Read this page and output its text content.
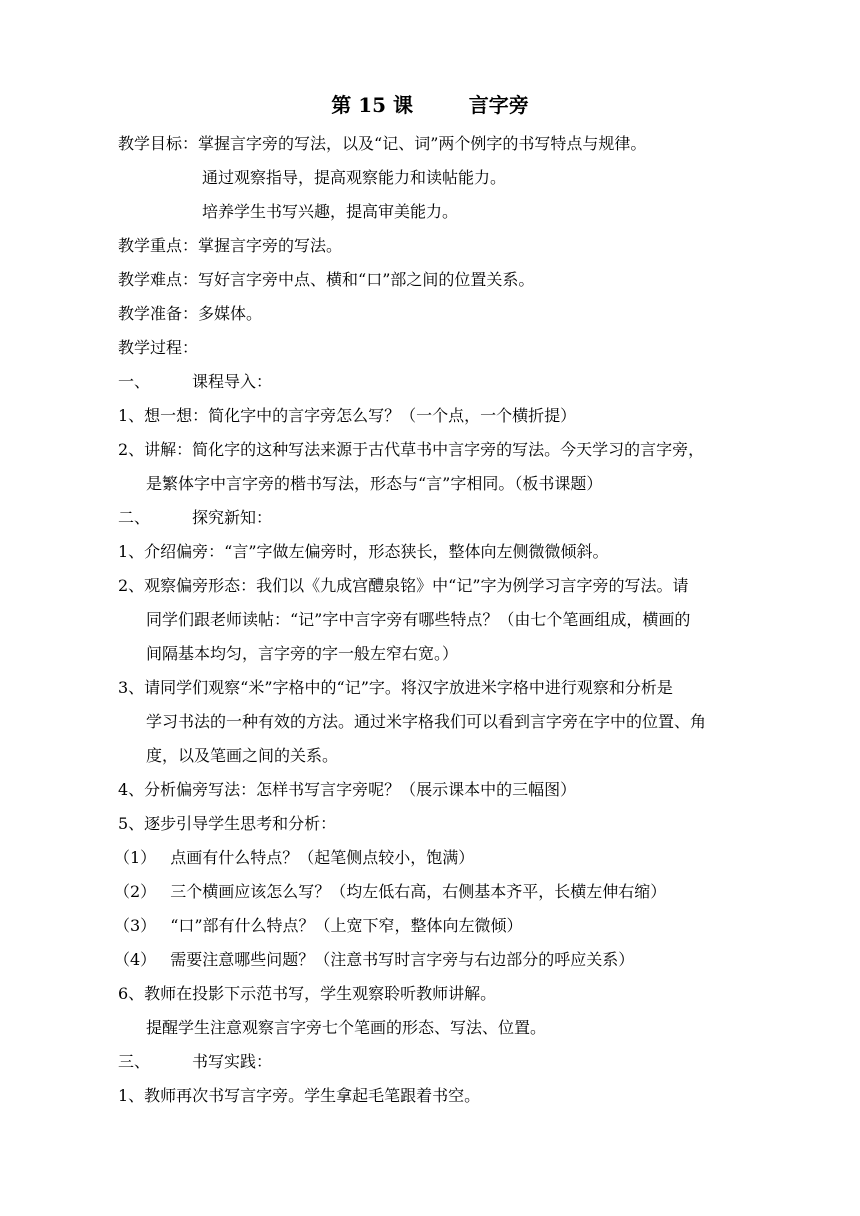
第 15 课        言字旁
教学目标：掌握言字旁的写法，以及“记、词”两个例字的书写特点与规律。
通过观察指导，提高观察能力和读帖能力。
培养学生书写兴趣，提高审美能力。
教学重点：掌握言字旁的写法。
教学难点：写好言字旁中点、横和“口”部之间的位置关系。
教学准备：多媒体。
教学过程：
一、	课程导入：
1、想一想：简化字中的言字旁怎么写？（一个点，一个横折提）
2、讲解：简化字的这种写法来源于古代草书中言字旁的写法。今天学习的言字旁，
是繁体字中言字旁的楷书写法，形态与“言”字相同。（板书课题）
二、	探究新知：
1、介绍偏旁：“言”字做左偏旁时，形态狭长，整体向左侧微微倾斜。
2、观察偏旁形态：我们以《九成宫醴泉铭》中“记”字为例学习言字旁的写法。请
同学们跟老师读帖：“记”字中言字旁有哪些特点？（由七个笔画组成，横画的
间隔基本均匀，言字旁的字一般左窄右宽。）
3、请同学们观察“米”字格中的“记”字。将汉字放进米字格中进行观察和分析是
学习书法的一种有效的方法。通过米字格我们可以看到言字旁在字中的位置、角
度，以及笔画之间的关系。
4、分析偏旁写法：怎样书写言字旁呢？（展示课本中的三幅图）
5、逐步引导学生思考和分析：
（1） 点画有什么特点？（起笔侧点较小，饱满）
（2） 三个横画应该怎么写？（均左低右高，右侧基本齐平，长横左伸右缩）
（3） “口”部有什么特点？（上宽下窄，整体向左微倾）
（4） 需要注意哪些问题？（注意书写时言字旁与右边部分的呼应关系）
6、教师在投影下示范书写，学生观察聆听教师讲解。
提醒学生注意观察言字旁七个笔画的形态、写法、位置。
三、	书写实践：
1、教师再次书写言字旁。学生拿起毛笔跟着书空。
